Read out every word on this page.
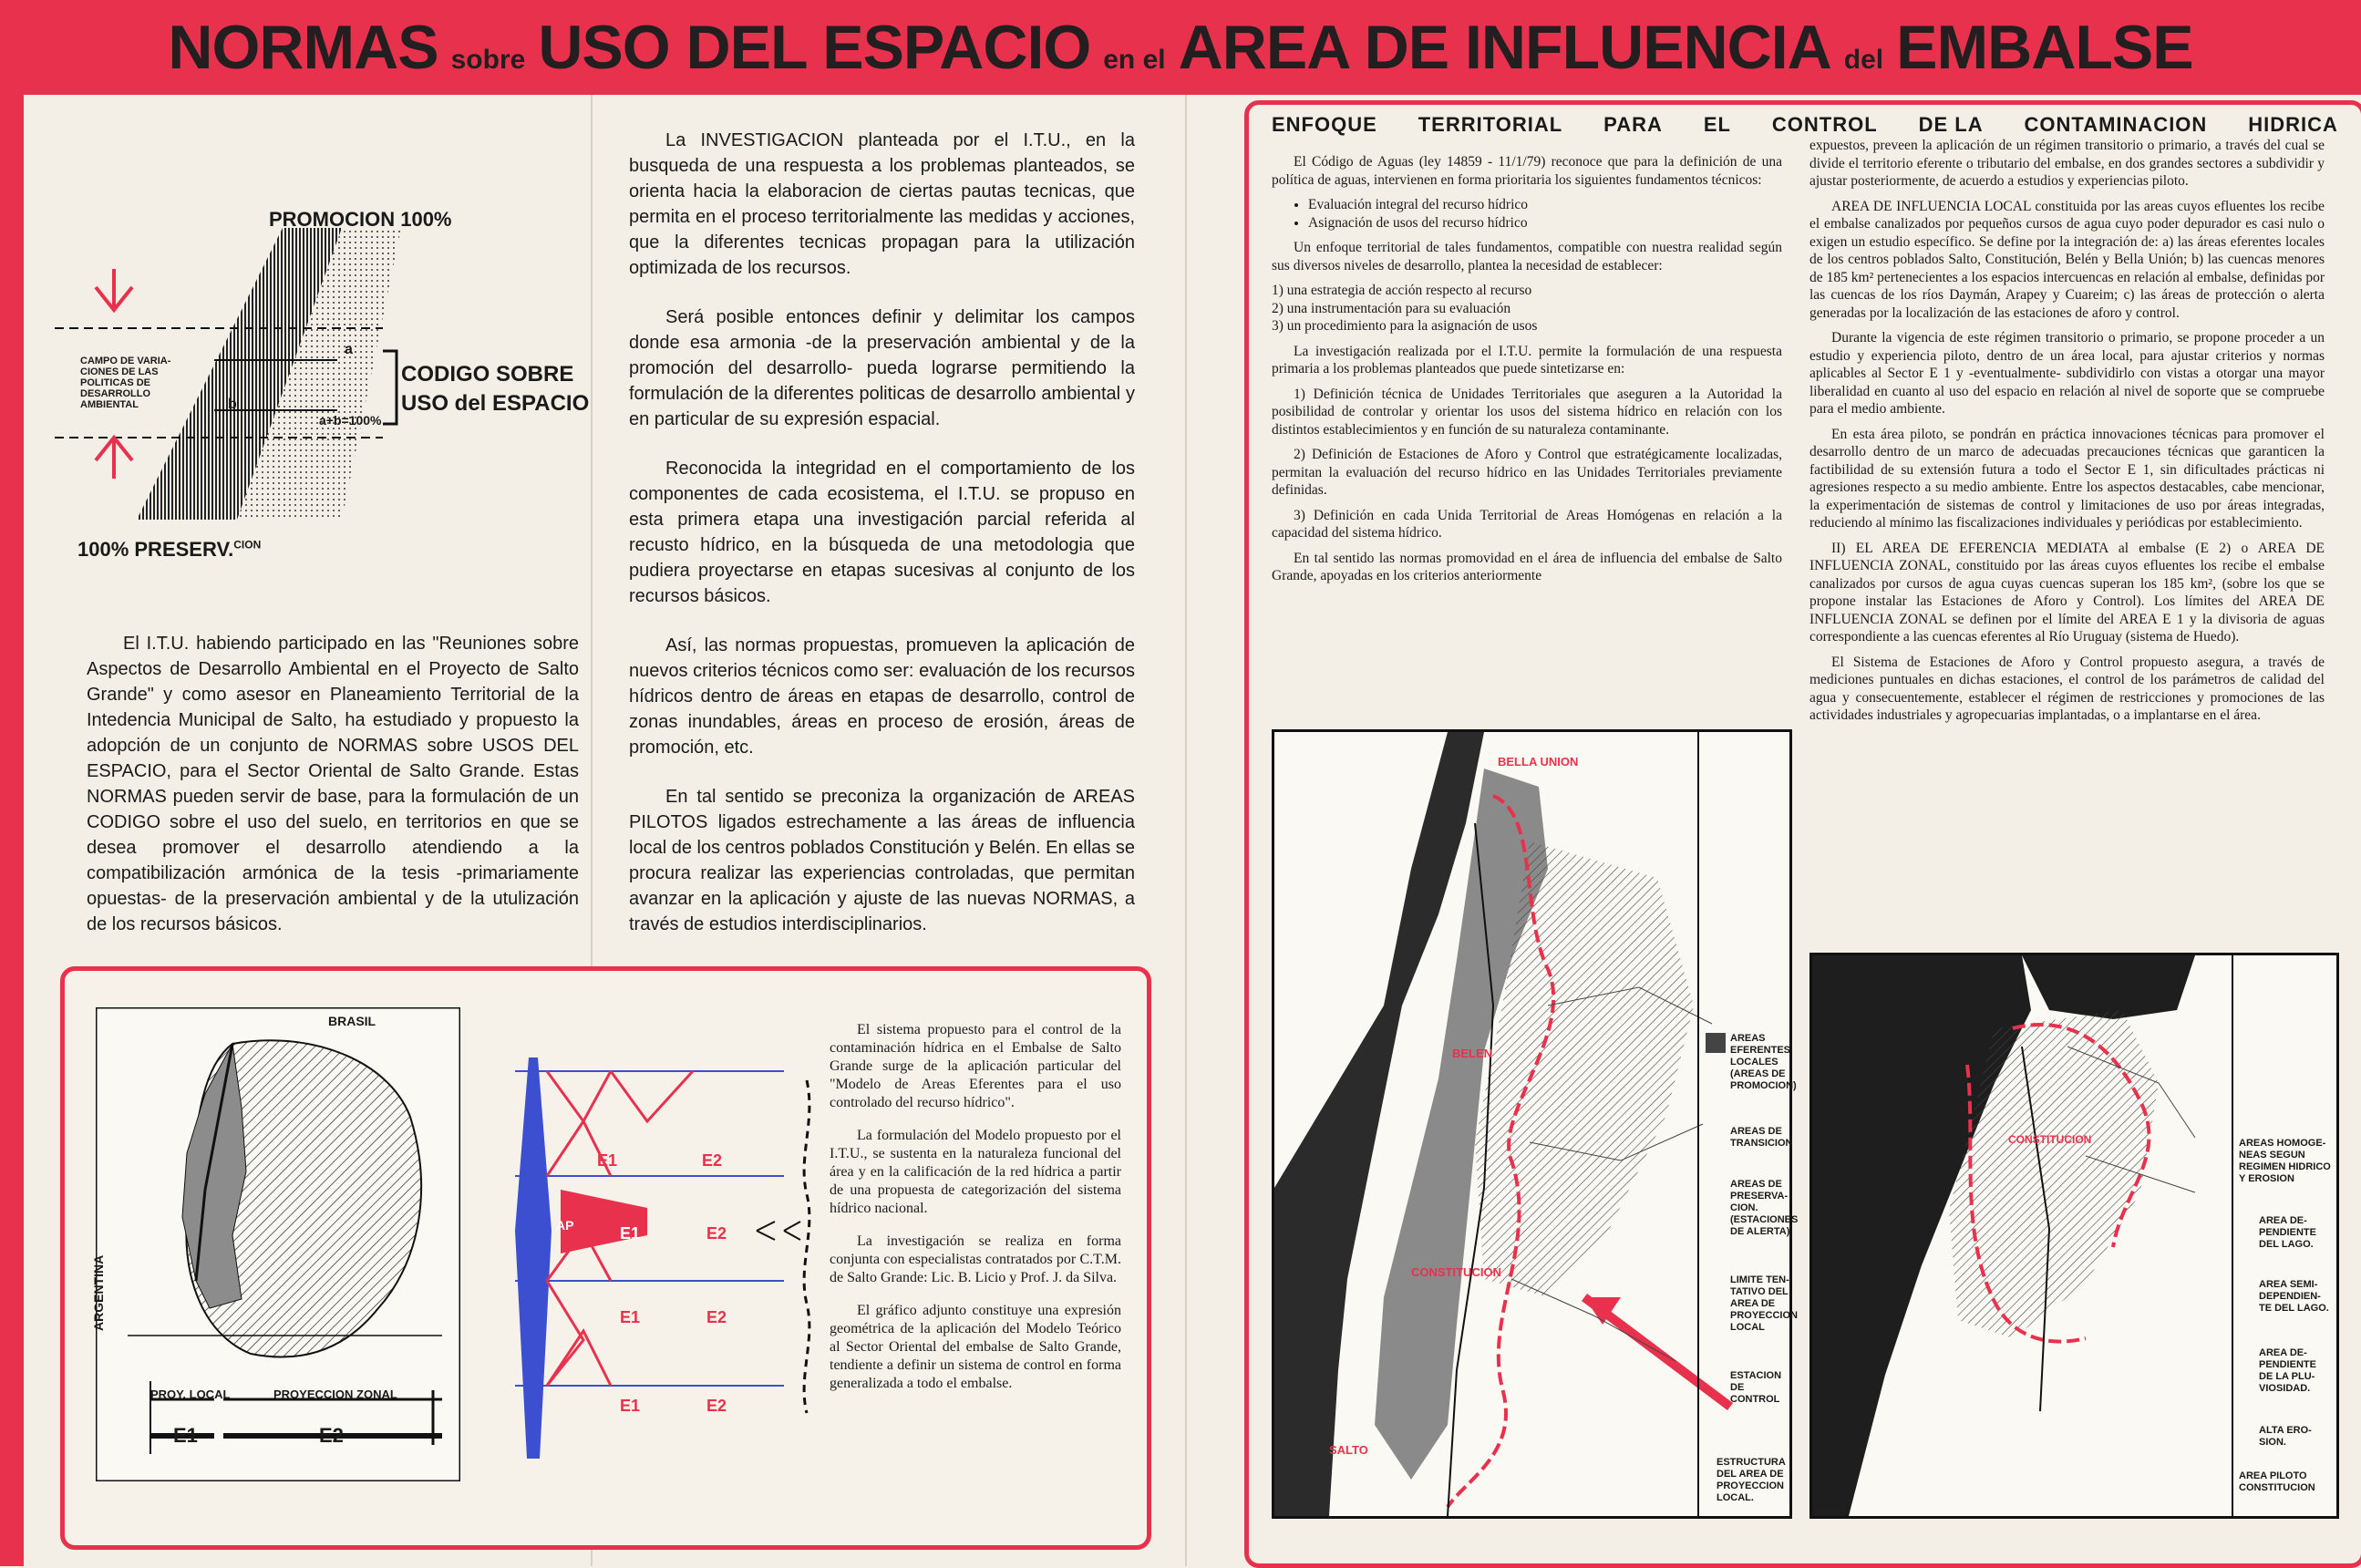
NORMAS sobre USO DEL ESPACIO en el AREA DE INFLUENCIA del EMBALSE
PROMOCION 100%
CAMPO DE VARIA-
CIONES DE LAS
POLITICAS DE
DESARROLLO
AMBIENTAL
CODIGO SOBRE
USO del ESPACIO
a+b=100%
a
b
100% PRESERV.$^{CION}$

El I.T.U. habiendo participado en las "Reuniones sobre Aspectos de Desarrollo Ambiental en el Proyecto de Salto Grande" y como asesor en Planeamiento Territorial de la Intedencia Municipal de Salto, ha estudiado y propuesto la adopción de un conjunto de NORMAS sobre USOS DEL ESPACIO, para el Sector Oriental de Salto Grande. Estas NORMAS pueden servir de base, para la formulación de un CODIGO sobre el uso del suelo, en territorios en que se desea promover el desarrollo atendiendo a la compatibilización armónica de la tesis -primariamente opuestas- de la preservación ambiental y de la utulización de los recursos básicos.

La INVESTIGACION planteada por el I.T.U., en la busqueda de una respuesta a los problemas planteados, se orienta hacia la elaboracion de ciertas pautas tecnicas, que permita en el proceso territorialmente las medidas y acciones, que la diferentes tecnicas propagan para la utilización optimizada de los recursos.

Será posible entonces definir y delimitar los campos donde esa armonia -de la preservación ambiental y de la promoción del desarrollo- pueda lograrse permitiendo la formulación de la diferentes politicas de desarrollo ambiental y en particular de su expresión espacial.

Reconocida la integridad en el comportamiento de los componentes de cada ecosistema, el I.T.U. se propuso en esta primera etapa una investigación parcial referida al recusto hídrico, en la búsqueda de una metodologia que pudiera proyectarse en etapas sucesivas al conjunto de los recursos básicos.

Así, las normas propuestas, promueven la aplicación de nuevos criterios técnicos como ser: evaluación de los recursos hídricos dentro de áreas en etapas de desarrollo, control de zonas inundables, áreas en proceso de erosión, áreas de promoción, etc.

En tal sentido se preconiza la organización de AREAS PILOTOS ligados estrechamente a las áreas de influencia local de los centros poblados Constitución y Belén. En ellas se procura realizar las experiencias controladas, que permitan avanzar en la aplicación y ajuste de las nuevas NORMAS, a través de estudios interdisciplinarios.

BRASIL
ARGENTINA
PROY. LOCAL	PROYECCION ZONAL
E1	E2
E1	E2
E1	E2
AP
E1	E2
E1	E2

El sistema propuesto para el control de la contaminación hídrica en el Embalse de Salto Grande surge de la aplicación particular del "Modelo de Areas Eferentes para el uso controlado del recurso hídrico".

La formulación del Modelo propuesto por el I.T.U., se sustenta en la naturaleza funcional del área y en la calificación de la red hídrica a partir de una propuesta de categorización del sistema hídrico nacional.

La investigación se realiza en forma conjunta con especialistas contratados por C.T.M. de Salto Grande: Lic. B. Licio y Prof. J. da Silva.

El gráfico adjunto constituye una expresión geométrica de la aplicación del Modelo Teórico al Sector Oriental del embalse de Salto Grande, tendiente a definir un sistema de control en forma generalizada a todo el embalse.

ENFOQUE TERRITORIAL PARA EL CONTROL DE LA CONTAMINACION HIDRICA

El Código de Aguas (ley 14859 - 11/1/79) reconoce que para la definición de una política de aguas, intervienen en forma prioritaria los siguientes fundamentos técnicos:

• Evaluación integral del recurso hídrico
• Asignación de usos del recurso hídrico

Un enfoque territorial de tales fundamentos, compatible con nuestra realidad según sus diversos niveles de desarrollo, plantea la necesidad de establecer:

1) una estrategia de acción respecto al recurso
2) una instrumentación para su evaluación
3) un procedimiento para la asignación de usos

La investigación realizada por el I.T.U. permite la formulación de una respuesta primaria a los problemas planteados que puede sintetizarse en:

1) Definición técnica de Unidades Territoriales que aseguren a la Autoridad la posibilidad de controlar y orientar los usos del sistema hídrico en relación con los distintos establecimientos y en función de su naturaleza contaminante.

2) Definición de Estaciones de Aforo y Control que estratégicamente localizadas, permitan la evaluación del recurso hídrico en las Unidades Territoriales previamente definidas.

3) Definición en cada Unida Territorial de Areas Homógenas en relación a la capacidad del sistema hídrico.

En tal sentido las normas promovidad en el área de influencia del embalse de Salto Grande, apoyadas en los criterios anteriormente

expuestos, preveen la aplicación de un régimen transitorio o primario, a través del cual se divide el territorio eferente o tributario del embalse, en dos grandes sectores a subdividir y ajustar posteriormente, de acuerdo a estudios y experiencias piloto.

AREA DE INFLUENCIA LOCAL constituida por las areas cuyos efluentes los recibe el embalse canalizados por pequeños cursos de agua cuyo poder depurador es casi nulo o exigen un estudio específico. Se define por la integración de: a) las áreas eferentes locales de los centros poblados Salto, Constitución, Belén y Bella Unión; b) las cuencas menores de 185 km² pertenecientes a los espacios intercuencas en relación al embalse, definidas por las cuencas de los ríos Daymán, Arapey y Cuareim; c) las áreas de protección o alerta generadas por la localización de las estaciones de aforo y control.

Durante la vigencia de este régimen transitorio o primario, se propone proceder a un estudio y experiencia piloto, dentro de un área local, para ajustar criterios y normas aplicables al Sector E 1 y -eventualmente- subdividirlo con vistas a otorgar una mayor liberalidad en cuanto al uso del espacio en relación al nivel de soporte que se compruebe para el medio ambiente.

En esta área piloto, se pondrán en práctica innovaciones técnicas para promover el desarrollo dentro de un marco de adecuadas precauciones técnicas que garanticen la factibilidad de su extensión futura a todo el Sector E 1, sin dificultades prácticas ni agresiones respecto a su medio ambiente. Entre los aspectos destacables, cabe mencionar, la experimentación de sistemas de control y limitaciones de uso por áreas integradas, reduciendo al mínimo las fiscalizaciones individuales y periódicas por establecimiento.

II) EL AREA DE EFERENCIA MEDIATA al embalse (E 2) o AREA DE INFLUENCIA ZONAL, constituido por las áreas cuyos efluentes los recibe el embalse canalizados por cursos de agua cuyas cuencas superan los 185 km², (sobre los que se propone instalar las Estaciones de Aforo y Control). Los límites del AREA DE INFLUENCIA ZONAL se definen por el límite del AREA E 1 y la divisoria de aguas correspondiente a las cuencas eferentes al Río Uruguay (sistema de Huedo).

El Sistema de Estaciones de Aforo y Control propuesto asegura, a través de mediciones puntuales en dichas estaciones, el control de los parámetros de calidad del agua y consecuentemente, establecer el régimen de restricciones y promociones de las actividades industriales y agropecuarias implantadas, o a implantarse en el área.

BELLA UNION
BELEN
CONSTITUCION
SALTO
AREAS
EFERENTES
LOCALES
(AREAS DE
PROMOCION)
AREAS DE
TRANSICION
AREAS DE
PRESERVA-
CION.
(ESTACIONES
DE ALERTA)
LIMITE TEN-
TATIVO DEL
AREA DE
PROYECCION
LOCAL
ESTACION
DE CONTROL
ESTRUCTURA
DEL AREA DE
PROYECCION
LOCAL.
CONSTITUCION	AREAS HOMOGE-
NEAS SEGUN
REGIMEN HIDRICO
Y EROSION
AREA DE-
PENDIENTE
DEL LAGO.
AREA SEMI-
DEPENDIEN-
TE DEL LAGO.
AREA DE-
PENDIENTE
DE LA PLU-
VIOSIDAD.
ALTA ERO-
SION.
AREA PILOTO
CONSTITUCION
